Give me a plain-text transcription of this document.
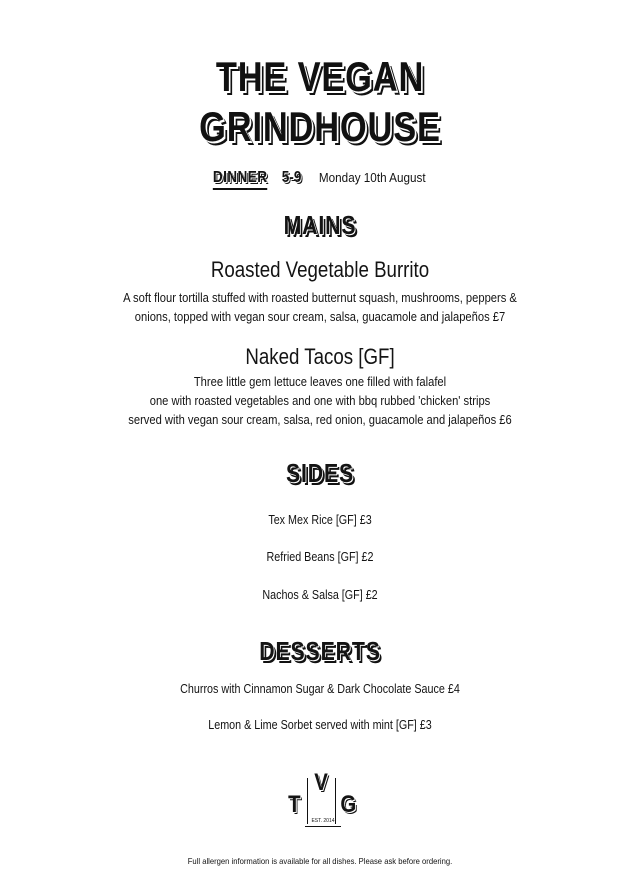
THE VEGAN
GRINDHOUSE
DINNER 5-9 Monday 10th August
MAINS
Roasted Vegetable Burrito
A soft flour tortilla stuffed with roasted butternut squash, mushrooms, peppers &
onions, topped with vegan sour cream, salsa, guacamole and jalapeños £7
Naked Tacos [GF]
Three little gem lettuce leaves one filled with falafel
one with roasted vegetables and one with bbq rubbed 'chicken' strips
served with vegan sour cream, salsa, red onion, guacamole and jalapeños £6
SIDES
Tex Mex Rice [GF] £3
Refried Beans [GF] £2
Nachos & Salsa [GF] £2
DESSERTS
Churros with Cinnamon Sugar & Dark Chocolate Sauce £4
Lemon & Lime Sorbet served with mint [GF] £3
T
V
G
EST. 2014
Full allergen information is available for all dishes. Please ask before ordering.
